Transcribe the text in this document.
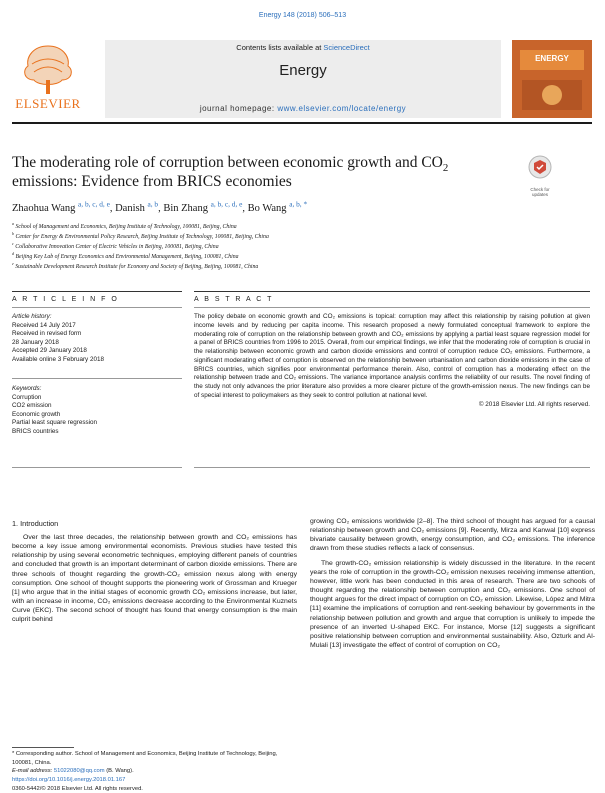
Energy 148 (2018) 506–513
ELSEVIER
Contents lists available at ScienceDirect
Energy
journal homepage: www.elsevier.com/locate/energy
ENERGY
The moderating role of corruption between economic growth and $CO_2$
emissions: Evidence from BRICS economies	Check for updates
Zhaohua Wang $^{a, b, c, d, e}$, Danish $^{a, b}$, Bin Zhang $^{a, b, c, d, e}$, Bo Wang $^{a, b, *}$
$^a$ School of Management and Economics, Beijing Institute of Technology, 100081, Beijing, China
$^b$ Center for Energy & Environmental Policy Research, Beijing Institute of Technology, 100081, Beijing, China
$^c$ Collaborative Innovation Center of Electric Vehicles in Beijing, 100081, Beijing, China
$^d$ Beijing Key Lab of Energy Economics and Environmental Management, Beijing, 100081, China
$^e$ Sustainable Development Research Institute for Economy and Society of Beijing, Beijing, 100081, China
A R T I C L E I N F O
Article history:
Received 14 July 2017
Received in revised form
28 January 2018
Accepted 29 January 2018
Available online 3 February 2018
Keywords:
Corruption
CO2 emission
Economic growth
Partial least square regression
BRICS countries
A B S T R A C T
The policy debate on economic growth and CO₂ emissions is topical: corruption may affect this relationship by raising pollution at given income levels and by reducing per capita income. This research proposed a newly formulated conceptual framework to explore the moderating role of corruption on the relationship between growth and CO₂ emissions by applying a partial least square regression model for a panel of BRICS countries from 1996 to 2015. Overall, from our empirical findings, we infer that the moderating role of corruption is crucial in the relationship between economic growth and carbon dioxide emissions and control of corruption reduce CO₂ emissions. Furthermore, a significant moderating effect of corruption is observed on the relationship between urbanisation and carbon dioxide emissions in the case of BRICS countries, which signifies poor environmental performance therein. Also, control of corruption has a moderating effect on the relationship between trade and CO₂ emissions. The variance importance analysis confirms the reliability of our results. The novel finding of the study not only advances the prior literature also provides a more clearer picture of the growth-emission nexus. The new findings can be of special interest to policymakers as they seek to control pollution at national level.
© 2018 Elsevier Ltd. All rights reserved.
1. Introduction

Over the last three decades, the relationship between growth and CO₂ emissions has become a key issue among environmental economists. Previous studies have tested this relationship by using several econometric techniques, employing different panels of countries and concluded that growth is an important determinant of carbon dioxide emissions. There are three schools of thought regarding the growth-CO₂ emission nexus along with energy consumption. One school of thought supports the pioneering work of Grossman and Krueger [1] who argue that in the initial stages of economic growth CO₂ emissions increase, but later, with an increase in income, CO₂ emissions decrease according to the Environmental Kuznets Curve (EKC). The second school of thought has found that energy consumption is the main culprit behind

growing CO₂ emissions worldwide [2–8]. The third school of thought has argued for a causal relationship between growth and CO₂ emissions [9]. Recently, Mirza and Kanwal [10] express bivariate causality between growth, energy consumption, and CO₂ emissions. The inference drawn from these studies reflects a lack of consensus.

The growth-CO₂ emission relationship is widely discussed in the literature. In the recent years the role of corruption in the growth-CO₂ emission nexuses receiving immense attention, however, little work has been conducted in this area of research. There are two schools of thought regarding the relationship between corruption and CO₂ emissions. One school of thought argues for the direct impact of corruption on CO₂ emission. Likewise, López and Mitra [11] examine the implications of corruption and rent-seeking behaviour by governments in the relationship between pollution and growth and argue that corruption is unlikely to impede the presence of an inverted U-shaped EKC. For instance, Morse [12] suggests a significant positive relationship between corruption and environmental sustainability. Also, Ozturk and Al-Mulali [13] investigate the effect of control of corruption on CO₂

* Corresponding author. School of Management and Economics, Beijing Institute of Technology, Beijing, 100081, China.
E-mail address: 51022080@qq.com (B. Wang).
https://doi.org/10.1016/j.energy.2018.01.167
0360-5442/© 2018 Elsevier Ltd. All rights reserved.
